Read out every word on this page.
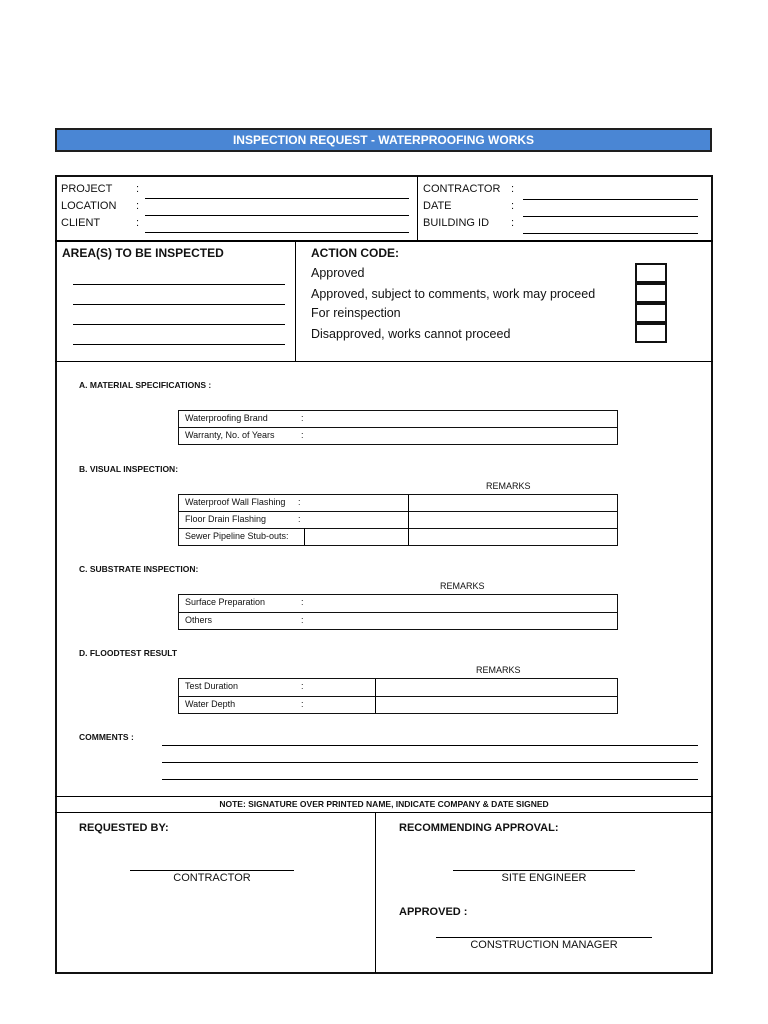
INSPECTION REQUEST - WATERPROOFING WORKS
PROJECT :
LOCATION :
CLIENT	:
CONTRACTOR :
DATE	:
BUILDING ID :
AREA(S) TO BE INSPECTED	ACTION CODE:
Approved
Approved, subject to comments, work may proceed
For reinspection
Disapproved, works cannot proceed
A. MATERIAL SPECIFICATIONS :
Waterproofing Brand	:
Warranty, No. of Years	:
B. VISUAL INSPECTION:
REMARKS
Waterproof Wall Flashing	:
Floor Drain Flashing	:
Sewer Pipeline Stub-outs:
C. SUBSTRATE INSPECTION:
REMARKS
Surface Preparation	:
Others	:
D. FLOODTEST RESULT
REMARKS
Test Duration	:
Water Depth	:
COMMENTS :
NOTE: SIGNATURE OVER PRINTED NAME, INDICATE COMPANY & DATE SIGNED
REQUESTED BY:
CONTRACTOR
RECOMMENDING APPROVAL:
SITE ENGINEER
APPROVED :
CONSTRUCTION MANAGER
